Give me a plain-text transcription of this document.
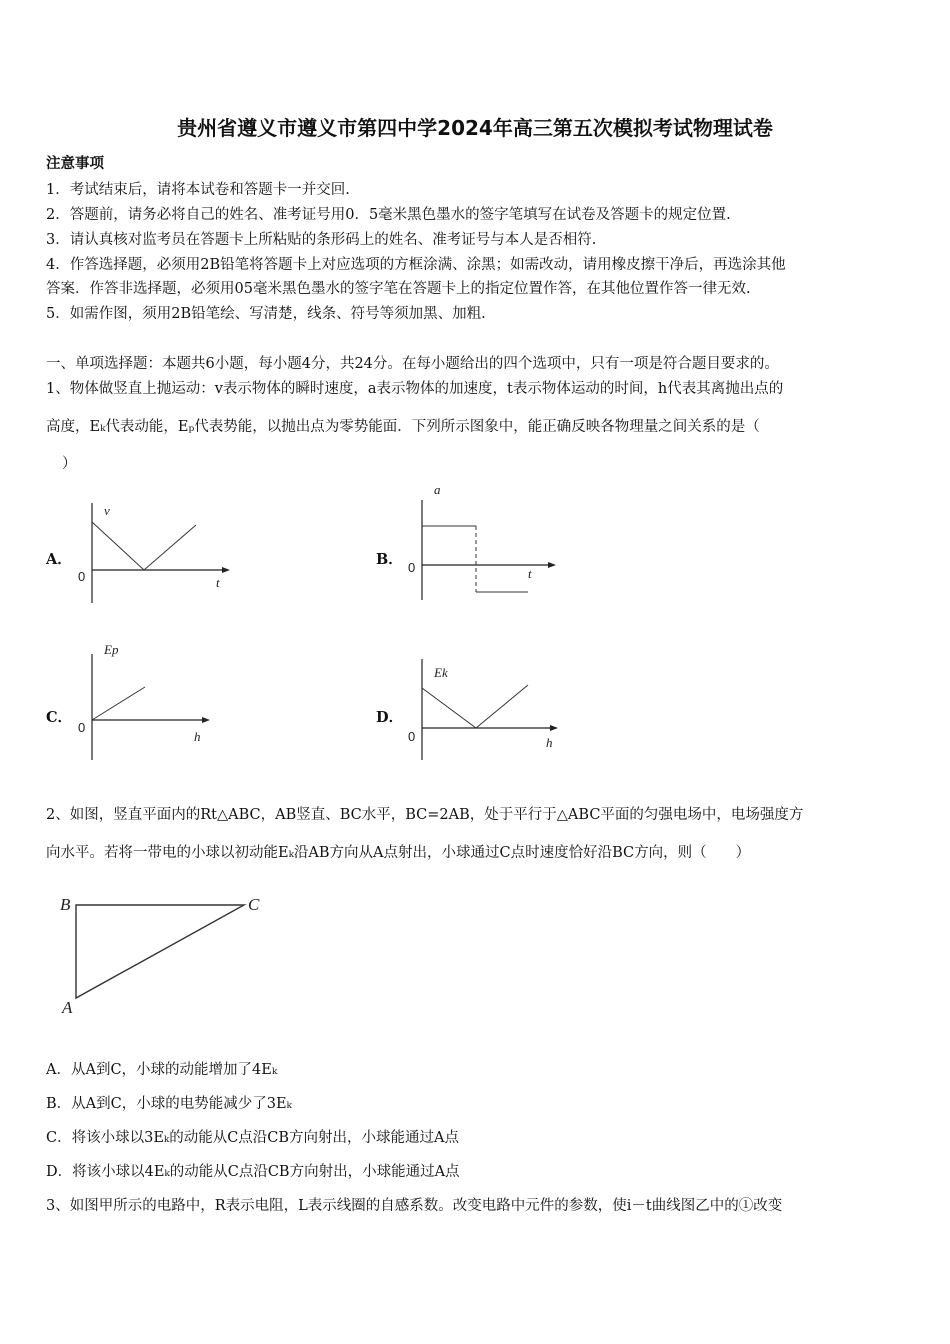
贵州省遵义市遵义市第四中学2024年高三第五次模拟考试物理试卷
注意事项
1．考试结束后，请将本试卷和答题卡一并交回.
2．答题前，请务必将自己的姓名、准考证号用0．5毫米黑色墨水的签字笔填写在试卷及答题卡的规定位置.
3．请认真核对监考员在答题卡上所粘贴的条形码上的姓名、准考证号与本人是否相符.
4．作答选择题，必须用2B铅笔将答题卡上对应选项的方框涂满、涂黑；如需改动，请用橡皮擦干净后，再选涂其他
答案．作答非选择题，必须用05毫米黑色墨水的签字笔在答题卡上的指定位置作答，在其他位置作答一律无效.
5．如需作图，须用2B铅笔绘、写清楚，线条、符号等须加黑、加粗.
一、单项选择题：本题共6小题，每小题4分，共24分。在每小题给出的四个选项中，只有一项是符合题目要求的。
1、物体做竖直上抛运动：v表示物体的瞬时速度，a表示物体的加速度，t表示物体运动的时间，h代表其离抛出点的
高度，Eₖ代表动能，Eₚ代表势能，以抛出点为零势能面．下列所示图象中，能正确反映各物理量之间关系的是（
）
A．
v
t
0
B．
a
t
0
C．
Ep
h
0
D．
Ek
h
0
2、如图，竖直平面内的Rt△ABC，AB竖直、BC水平，BC=2AB，处于平行于△ABC平面的匀强电场中，电场强度方
向水平。若将一带电的小球以初动能Eₖ沿AB方向从A点射出，小球通过C点时速度恰好沿BC方向，则（　　）
B	C
A
A．从A到C，小球的动能增加了4Eₖ
B．从A到C，小球的电势能减少了3Eₖ
C．将该小球以3Eₖ的动能从C点沿CB方向射出，小球能通过A点
D．将该小球以4Eₖ的动能从C点沿CB方向射出，小球能通过A点
3、如图甲所示的电路中，R表示电阻，L表示线圈的自感系数。改变电路中元件的参数，使i－t曲线图乙中的①改变
